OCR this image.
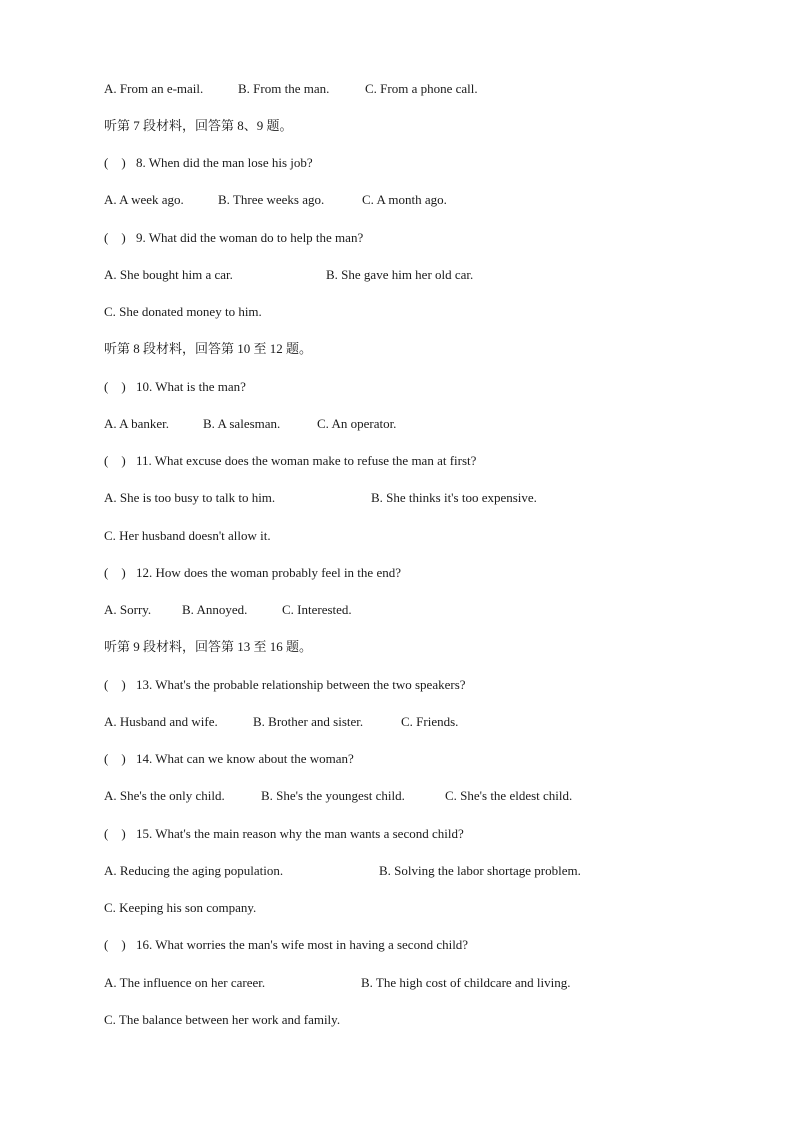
A. From an e-mail.	B. From the man.	C. From a phone call.
听第 7 段材料，回答第 8、9 题。
(    ) 8. When did the man lose his job?
A. A week ago.	B. Three weeks ago.	C. A month ago.
(    ) 9. What did the woman do to help the man?
A. She bought him a car.	B. She gave him her old car.
C. She donated money to him.
听第 8 段材料，回答第 10 至 12 题。
(    ) 10. What is the man?
A. A banker.	B. A salesman.	C. An operator.
(    ) 11. What excuse does the woman make to refuse the man at first?
A. She is too busy to talk to him.	B. She thinks it's too expensive.
C. Her husband doesn't allow it.
(    ) 12. How does the woman probably feel in the end?
A. Sorry. B. Annoyed.	C. Interested.
听第 9 段材料，回答第 13 至 16 题。
(    ) 13. What's the probable relationship between the two speakers?
A. Husband and wife.	B. Brother and sister.	C. Friends.
(    ) 14. What can we know about the woman?
A. She's the only child.	B. She's the youngest child.	C. She's the eldest child.
(    ) 15. What's the main reason why the man wants a second child?
A. Reducing the aging population.	B. Solving the labor shortage problem.
C. Keeping his son company.
(    ) 16. What worries the man's wife most in having a second child?
A. The influence on her career.	B. The high cost of childcare and living.
C. The balance between her work and family.
